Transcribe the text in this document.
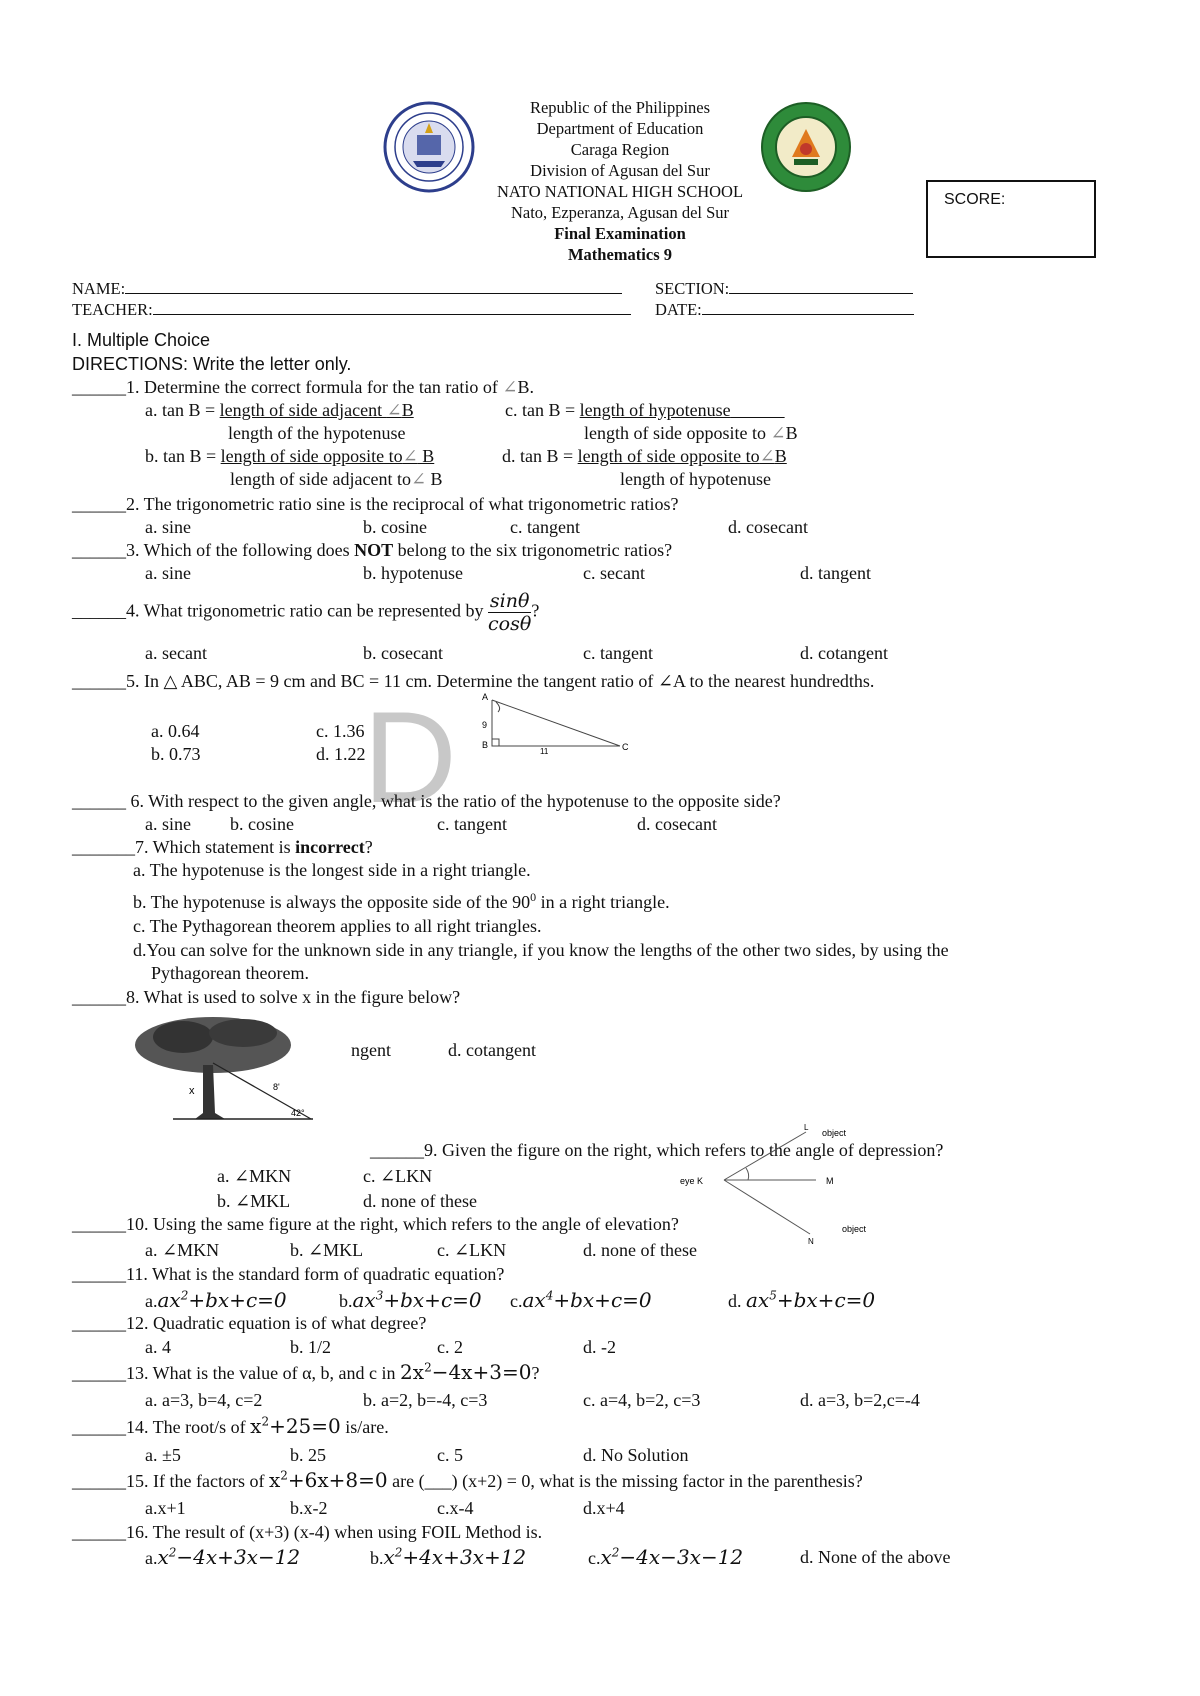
Republic of the Philippines
Department of Education
Caraga Region
Division of Agusan del Sur
NATO NATIONAL HIGH SCHOOL
Nato, Ezperanza, Agusan del Sur
Final Examination
Mathematics 9
SCORE:
NAME:	SECTION:
TEACHER:	DATE:
I. Multiple Choice
DIRECTIONS: Write the letter only.
______1. Determine the correct formula for the tan ratio of ∠B.
a. tan B = length of side adjacent ∠B
length of the hypotenuse
c. tan B = length of hypotenuse
length of side opposite to ∠B
b. tan B = length of side opposite to∠ B
length of side adjacent to∠ B
d. tan B = length of side opposite to∠B
length of hypotenuse
______2. The trigonometric ratio sine is the reciprocal of what trigonometric ratios?
a. sine	b. cosine	c. tangent	d. cosecant
______3. Which of the following does NOT belong to the six trigonometric ratios?
a. sine	b. hypotenuse	c. secant	d. tangent
______4. What trigonometric ratio can be represented by $\frac{\sin\theta}{\cos\theta}$ ?
a. secant	b. cosecant	c. tangent	d. cotangent
______5. In △ ABC, AB = 9 cm and BC = 11 cm. Determine the tangent ratio of ∠A to the nearest hundredths.
D
a. 0.64	c. 1.36
b. 0.73	d. 1.22
A
9
B	C
11
______ 6. With respect to the given angle, what is the ratio of the hypotenuse to the opposite side?
a. sine b. cosine	c. tangent	d. cosecant
_______7. Which statement is incorrect?
a. The hypotenuse is the longest side in a right triangle.
b. The hypotenuse is always the opposite side of the $90^0$ in a right triangle.
c. The Pythagorean theorem applies to all right triangles.
d.You can solve for the unknown side in any triangle, if you know the lengths of the other two sides, by using the
Pythagorean theorem.
______8. What is used to solve x in the figure below?
x	8'
42°
ngent	d. cotangent
______9. Given the figure on the right, which refers to the angle of depression?
a. ∠MKN	c. ∠LKN
b. ∠MKL	d. none of these
L
object
eye K	M
N
object
______10. Using the same figure at the right, which refers to the angle of elevation?
a. ∠MKN	b. ∠MKL	c. ∠LKN	d. none of these
______11. What is the standard form of quadratic equation?
$a.ax^2+bx+c=0$	$b.ax^3+bx+c=0$ $c.ax^4+bx+c=0$	d. $ax^5+bx+c=0$
______12. Quadratic equation is of what degree?
a. 4	b. 1/2	c. 2	d. -2
______13. What is the value of α, b, and c in $2x^2-4x+3=0$?
a. a=3, b=4, c=2	b. a=2, b=-4, c=3	c. a=4, b=2, c=3	d. a=3, b=2,c=-4
______14. The root/s of $x^2+25=0$ is/are.
a. ±5	b. 25	c. 5	d. No Solution
______15. If the factors of $x^2+6x+8=0$ are (___) (x+2) = 0, what is the missing factor in the parenthesis?
a.x+1	b.x-2	c.x-4	d.x+4
______16. The result of (x+3) (x-4) when using FOIL Method is.
$a.x^2-4x+3x-12$	$b.x^2+4x+3x+12$	$c.x^2-4x-3x-12$	d. None of the above
